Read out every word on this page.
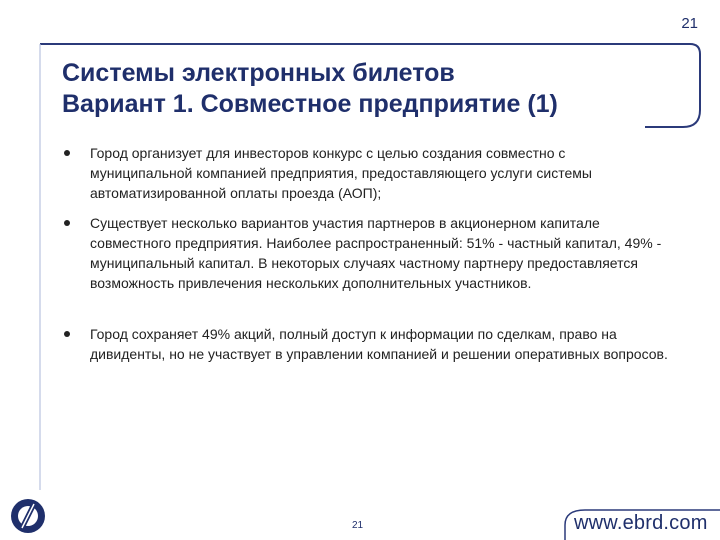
21
Системы электронных билетов
Вариант 1. Совместное предприятие (1)
Город организует для инвесторов конкурс с целью создания совместно с муниципальной компанией предприятия, предоставляющего услуги системы автоматизированной оплаты проезда (АОП);
Существует несколько вариантов участия партнеров в акционерном капитале совместного предприятия. Наиболее распространенный: 51% - частный капитал, 49% - муниципальный капитал. В некоторых случаях частному партнеру предоставляется возможность привлечения нескольких дополнительных участников.
Город сохраняет 49% акций, полный доступ к информации по сделкам, право на дивиденты, но не участвует в управлении компанией и решении оперативных вопросов.
21	www.ebrd.com
